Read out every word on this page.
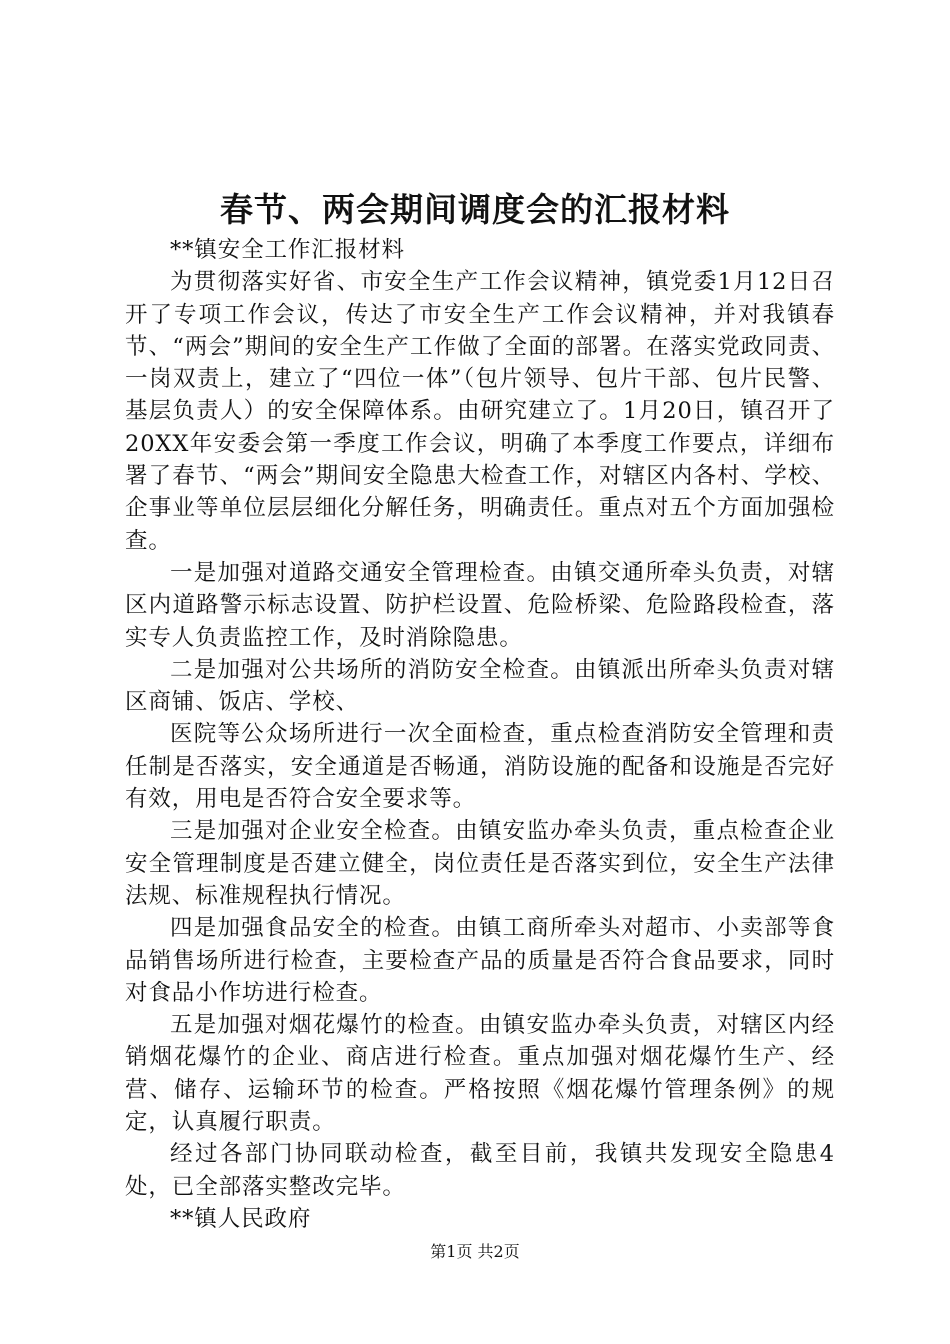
春节、两会期间调度会的汇报材料

**镇安全工作汇报材料

为贯彻落实好省、市安全生产工作会议精神，镇党委1月12日召开了专项工作会议，传达了市安全生产工作会议精神，并对我镇春节、“两会”期间的安全生产工作做了全面的部署。在落实党政同责、一岗双责上，建立了“四位一体”（包片领导、包片干部、包片民警、基层负责人）的安全保障体系。由研究建立了。1月20日，镇召开了20XX年安委会第一季度工作会议，明确了本季度工作要点，详细布署了春节、“两会”期间安全隐患大检查工作，对辖区内各村、学校、企事业等单位层层细化分解任务，明确责任。重点对五个方面加强检查。

一是加强对道路交通安全管理检查。由镇交通所牵头负责，对辖区内道路警示标志设置、防护栏设置、危险桥梁、危险路段检查，落实专人负责监控工作，及时消除隐患。

二是加强对公共场所的消防安全检查。由镇派出所牵头负责对辖区商铺、饭店、学校、

医院等公众场所进行一次全面检查，重点检查消防安全管理和责任制是否落实，安全通道是否畅通，消防设施的配备和设施是否完好有效，用电是否符合安全要求等。

三是加强对企业安全检查。由镇安监办牵头负责，重点检查企业安全管理制度是否建立健全，岗位责任是否落实到位，安全生产法律法规、标准规程执行情况。

四是加强食品安全的检查。由镇工商所牵头对超市、小卖部等食品销售场所进行检查，主要检查产品的质量是否符合食品要求，同时对食品小作坊进行检查。

五是加强对烟花爆竹的检查。由镇安监办牵头负责，对辖区内经销烟花爆竹的企业、商店进行检查。重点加强对烟花爆竹生产、经营、储存、运输环节的检查。严格按照《烟花爆竹管理条例》的规定，认真履行职责。

经过各部门协同联动检查，截至目前，我镇共发现安全隐患4处，已全部落实整改完毕。

**镇人民政府

第1页 共2页
